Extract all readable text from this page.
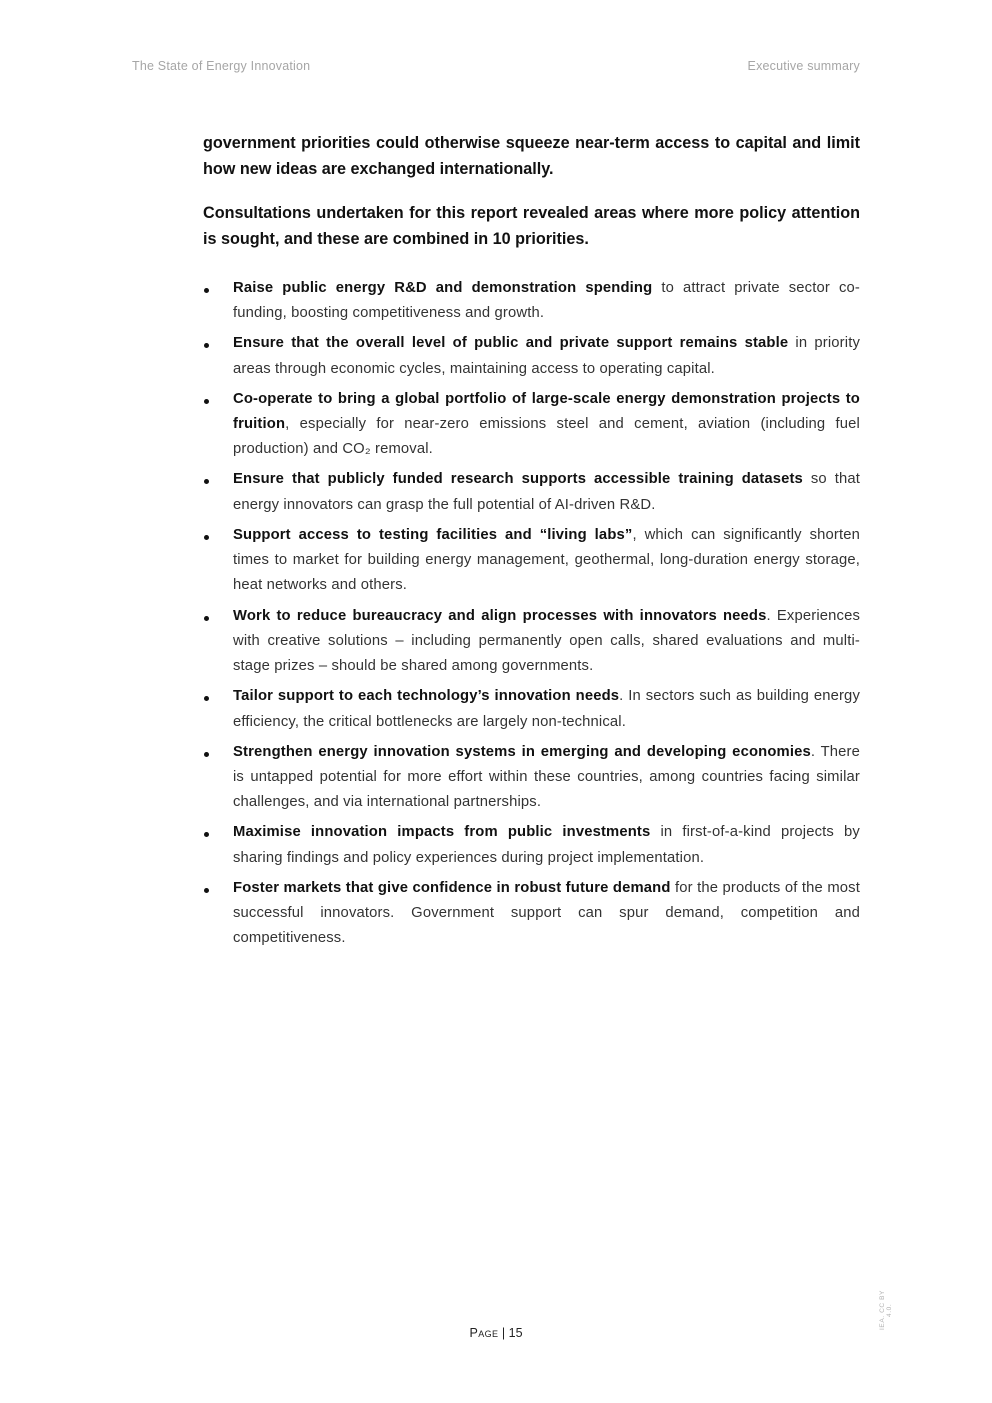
The State of Energy Innovation	Executive summary

government priorities could otherwise squeeze near-term access to capital and limit how new ideas are exchanged internationally.

Consultations undertaken for this report revealed areas where more policy attention is sought, and these are combined in 10 priorities.

Raise public energy R&D and demonstration spending to attract private sector co-funding, boosting competitiveness and growth.
Ensure that the overall level of public and private support remains stable in priority areas through economic cycles, maintaining access to operating capital.
Co-operate to bring a global portfolio of large-scale energy demonstration projects to fruition, especially for near-zero emissions steel and cement, aviation (including fuel production) and CO₂ removal.
Ensure that publicly funded research supports accessible training datasets so that energy innovators can grasp the full potential of AI-driven R&D.
Support access to testing facilities and “living labs”, which can significantly shorten times to market for building energy management, geothermal, long-duration energy storage, heat networks and others.
Work to reduce bureaucracy and align processes with innovators needs. Experiences with creative solutions – including permanently open calls, shared evaluations and multi-stage prizes – should be shared among governments.
Tailor support to each technology’s innovation needs. In sectors such as building energy efficiency, the critical bottlenecks are largely non-technical.
Strengthen energy innovation systems in emerging and developing economies. There is untapped potential for more effort within these countries, among countries facing similar challenges, and via international partnerships.
Maximise innovation impacts from public investments in first-of-a-kind projects by sharing findings and policy experiences during project implementation.
Foster markets that give confidence in robust future demand for the products of the most successful innovators. Government support can spur demand, competition and competitiveness.
Page | 15
IEA. CC BY 4.0.
